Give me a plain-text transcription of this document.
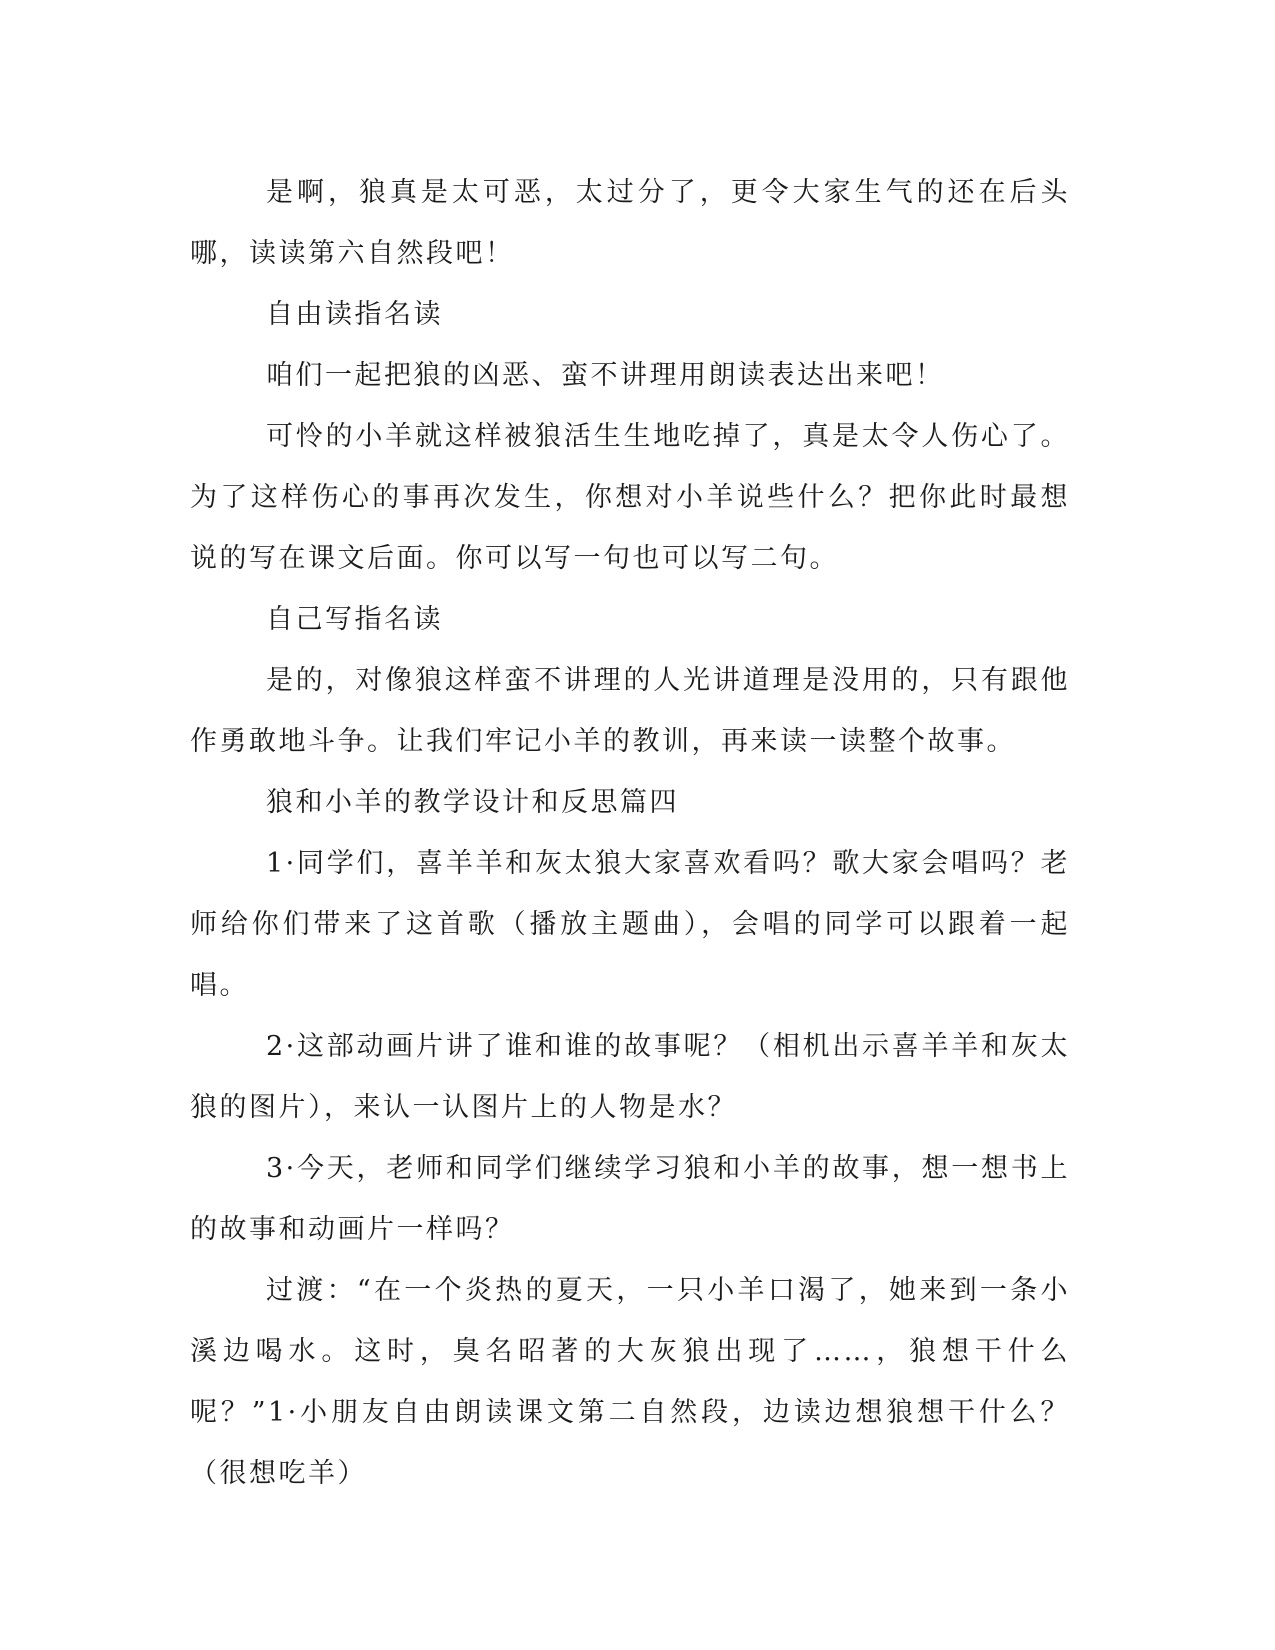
是啊，狼真是太可恶，太过分了，更令大家生气的还在后头哪，读读第六自然段吧！

自由读指名读

咱们一起把狼的凶恶、蛮不讲理用朗读表达出来吧！

可怜的小羊就这样被狼活生生地吃掉了，真是太令人伤心了。为了这样伤心的事再次发生，你想对小羊说些什么？把你此时最想说的写在课文后面。你可以写一句也可以写二句。

自己写指名读

是的，对像狼这样蛮不讲理的人光讲道理是没用的，只有跟他作勇敢地斗争。让我们牢记小羊的教训，再来读一读整个故事。

狼和小羊的教学设计和反思篇四

1·同学们，喜羊羊和灰太狼大家喜欢看吗？歌大家会唱吗？老师给你们带来了这首歌（播放主题曲），会唱的同学可以跟着一起唱。

2·这部动画片讲了谁和谁的故事呢？（相机出示喜羊羊和灰太狼的图片），来认一认图片上的人物是水？

3·今天，老师和同学们继续学习狼和小羊的故事，想一想书上的故事和动画片一样吗？

过渡：“在一个炎热的夏天，一只小羊口渴了，她来到一条小溪边喝水。这时，臭名昭著的大灰狼出现了……，狼想干什么呢？”1·小朋友自由朗读课文第二自然段，边读边想狼想干什么？（很想吃羊）
